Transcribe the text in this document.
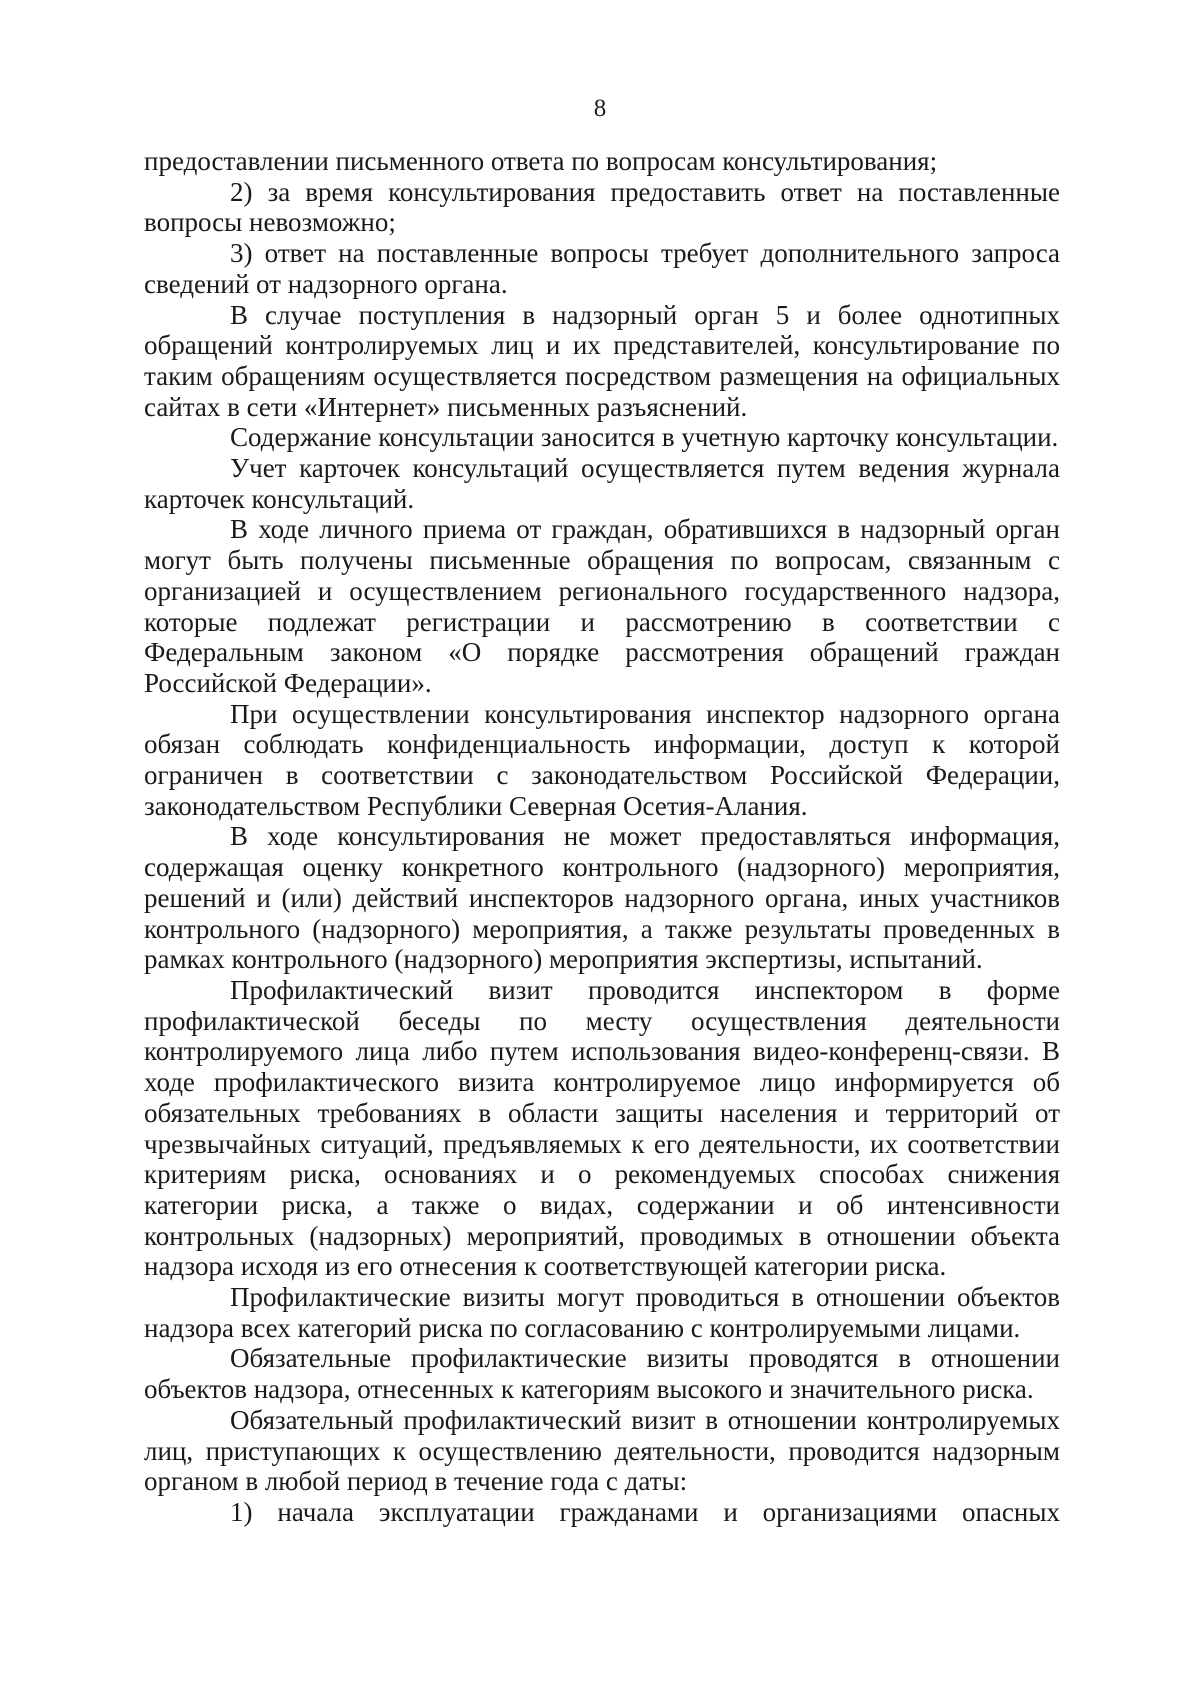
8

предоставлении письменного ответа по вопросам консультирования;

2) за время консультирования предоставить ответ на поставленные вопросы невозможно;

3) ответ на поставленные вопросы требует дополнительного запроса сведений от надзорного органа.

В случае поступления в надзорный орган 5 и более однотипных обращений контролируемых лиц и их представителей, консультирование по таким обращениям осуществляется посредством размещения на официальных сайтах в сети «Интернет» письменных разъяснений.

Содержание консультации заносится в учетную карточку консультации.

Учет карточек консультаций осуществляется путем ведения журнала карточек консультаций.

В ходе личного приема от граждан, обратившихся в надзорный орган могут быть получены письменные обращения по вопросам, связанным с организацией и осуществлением регионального государственного надзора, которые подлежат регистрации и рассмотрению в соответствии с Федеральным законом «О порядке рассмотрения обращений граждан Российской Федерации».

При осуществлении консультирования инспектор надзорного органа обязан соблюдать конфиденциальность информации, доступ к которой ограничен в соответствии с законодательством Российской Федерации, законодательством Республики Северная Осетия-Алания.

В ходе консультирования не может предоставляться информация, содержащая оценку конкретного контрольного (надзорного) мероприятия, решений и (или) действий инспекторов надзорного органа, иных участников контрольного (надзорного) мероприятия, а также результаты проведенных в рамках контрольного (надзорного) мероприятия экспертизы, испытаний.

Профилактический визит проводится инспектором в форме профилактической беседы по месту осуществления деятельности контролируемого лица либо путем использования видео-конференц-связи. В ходе профилактического визита контролируемое лицо информируется об обязательных требованиях в области защиты населения и территорий от чрезвычайных ситуаций, предъявляемых к его деятельности, их соответствии критериям риска, основаниях и о рекомендуемых способах снижения категории риска, а также о видах, содержании и об интенсивности контрольных (надзорных) мероприятий, проводимых в отношении объекта надзора исходя из его отнесения к соответствующей категории риска.

Профилактические визиты могут проводиться в отношении объектов надзора всех категорий риска по согласованию с контролируемыми лицами.

Обязательные профилактические визиты проводятся в отношении объектов надзора, отнесенных к категориям высокого и значительного риска.

Обязательный профилактический визит в отношении контролируемых лиц, приступающих к осуществлению деятельности, проводится надзорным органом в любой период в течение года с даты:

1) начала эксплуатации гражданами и организациями опасных
